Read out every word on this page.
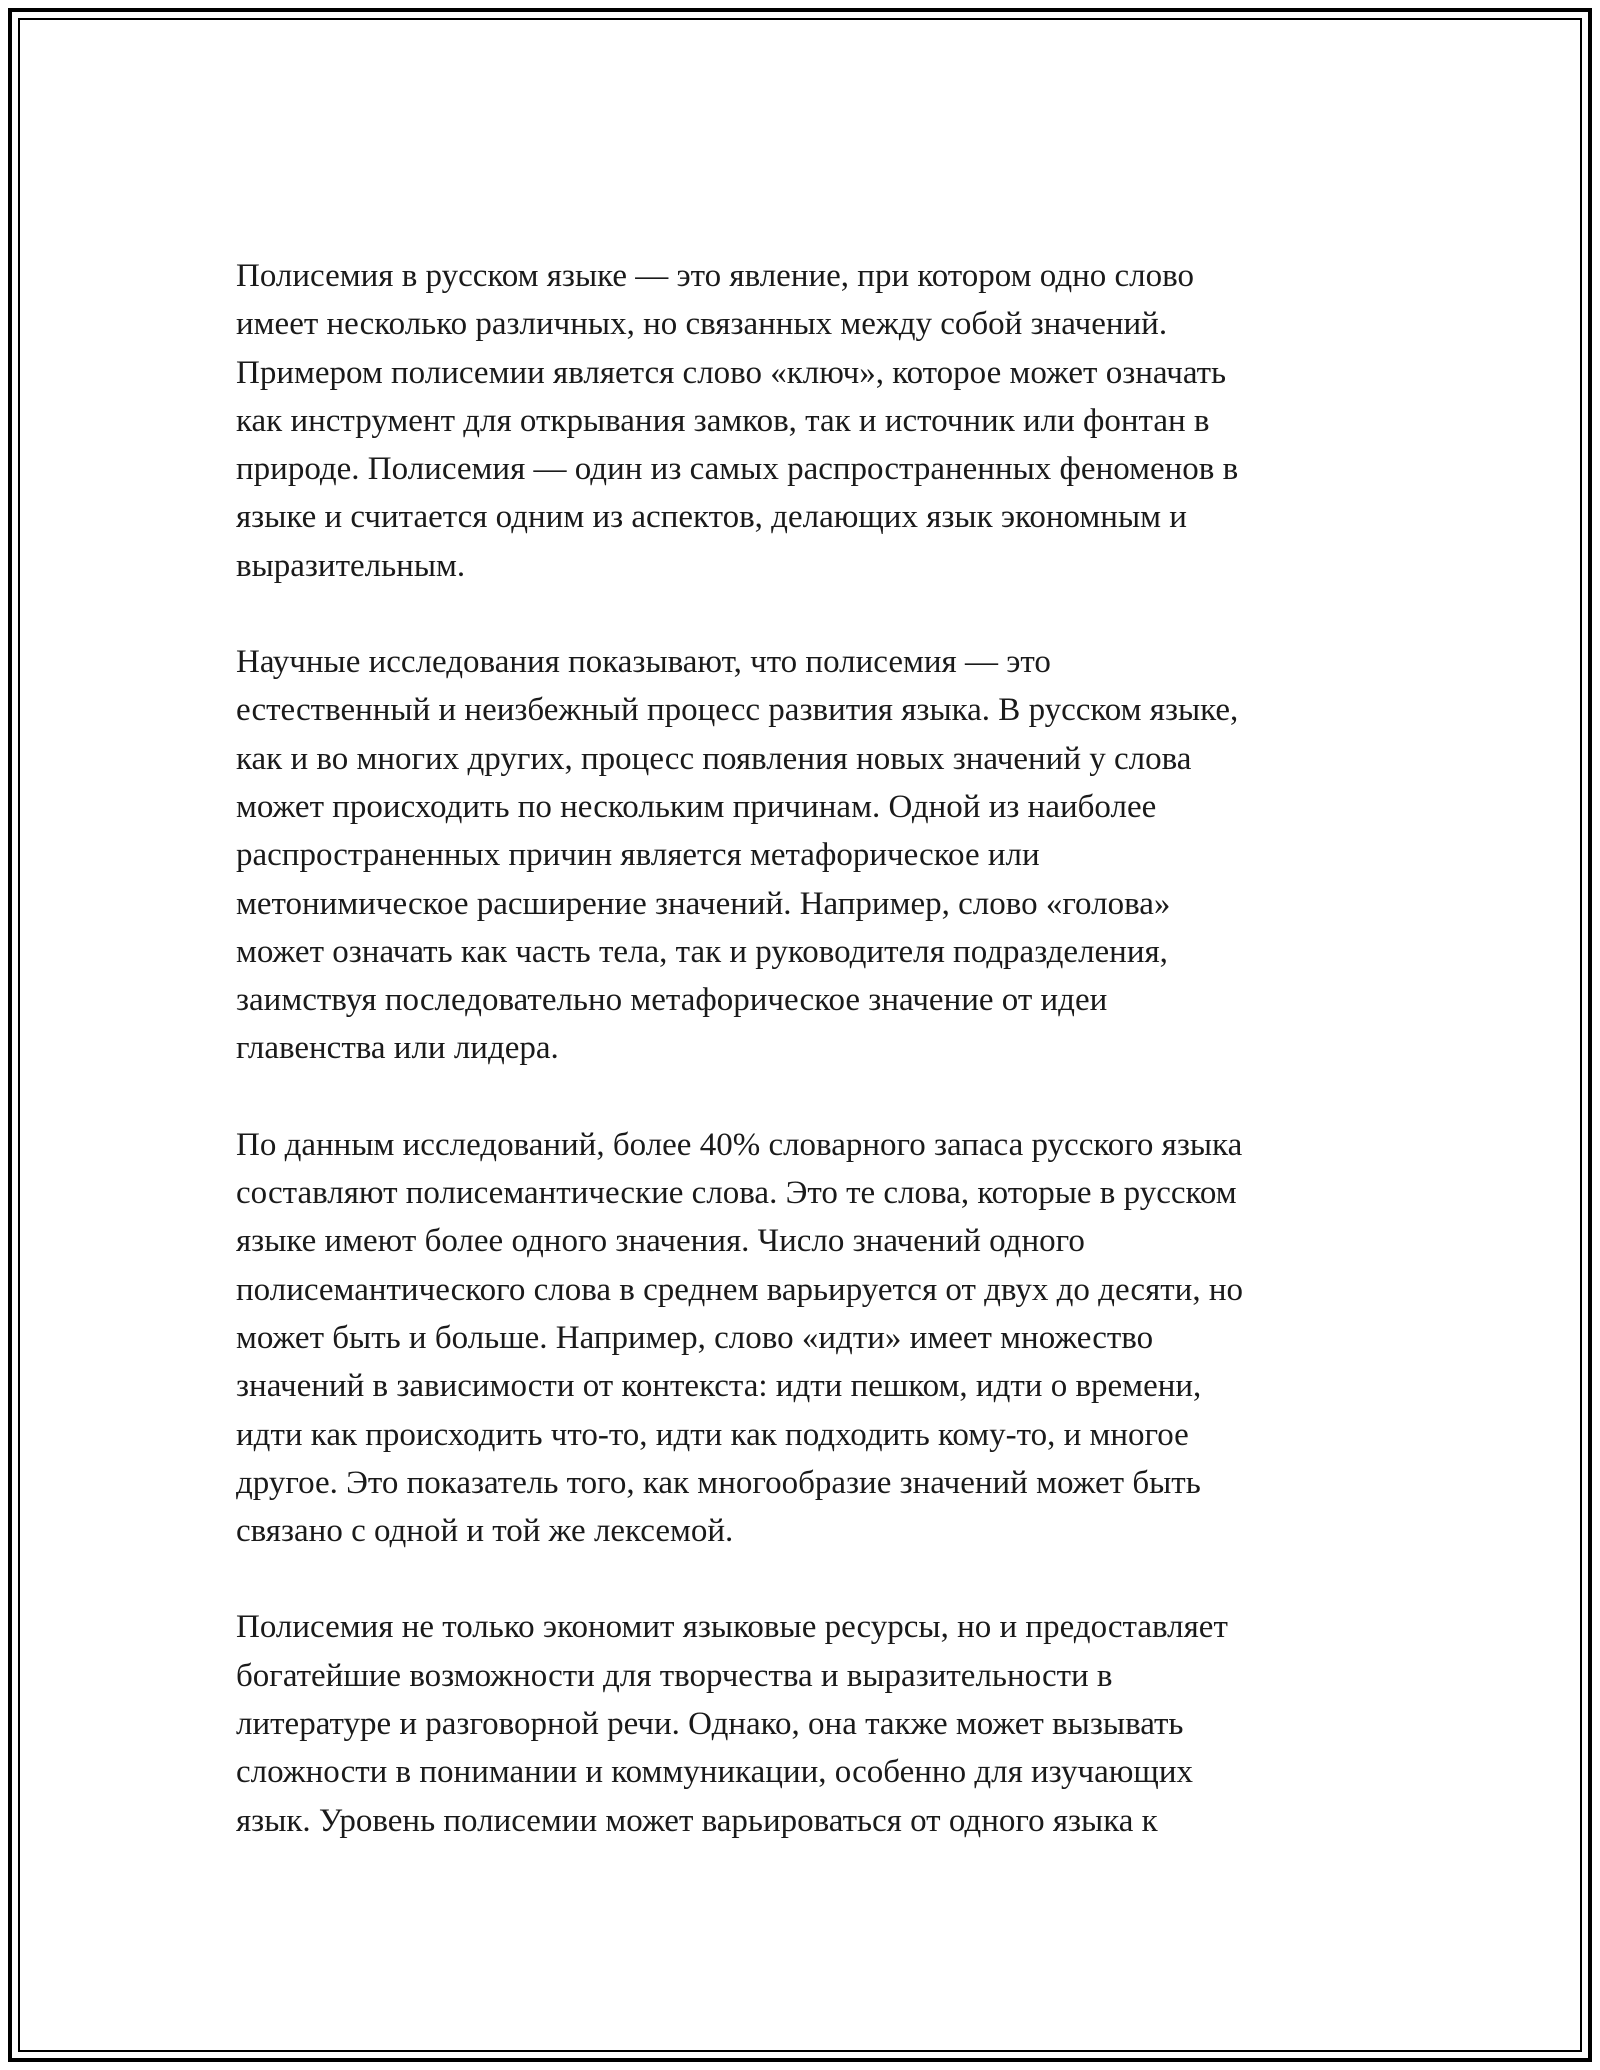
Полисемия в русском языке — это явление, при котором одно слово
имеет несколько различных, но связанных между собой значений.
Примером полисемии является слово «ключ», которое может означать
как инструмент для открывания замков, так и источник или фонтан в
природе. Полисемия — один из самых распространенных феноменов в
языке и считается одним из аспектов, делающих язык экономным и
выразительным.

Научные исследования показывают, что полисемия — это
естественный и неизбежный процесс развития языка. В русском языке,
как и во многих других, процесс появления новых значений у слова
может происходить по нескольким причинам. Одной из наиболее
распространенных причин является метафорическое или
метонимическое расширение значений. Например, слово «голова»
может означать как часть тела, так и руководителя подразделения,
заимствуя последовательно метафорическое значение от идеи
главенства или лидера.

По данным исследований, более 40% словарного запаса русского языка
составляют полисемантические слова. Это те слова, которые в русском
языке имеют более одного значения. Число значений одного
полисемантического слова в среднем варьируется от двух до десяти, но
может быть и больше. Например, слово «идти» имеет множество
значений в зависимости от контекста: идти пешком, идти о времени,
идти как происходить что-то, идти как подходить кому-то, и многое
другое. Это показатель того, как многообразие значений может быть
связано с одной и той же лексемой.

Полисемия не только экономит языковые ресурсы, но и предоставляет
богатейшие возможности для творчества и выразительности в
литературе и разговорной речи. Однако, она также может вызывать
сложности в понимании и коммуникации, особенно для изучающих
язык. Уровень полисемии может варьироваться от одного языка к
